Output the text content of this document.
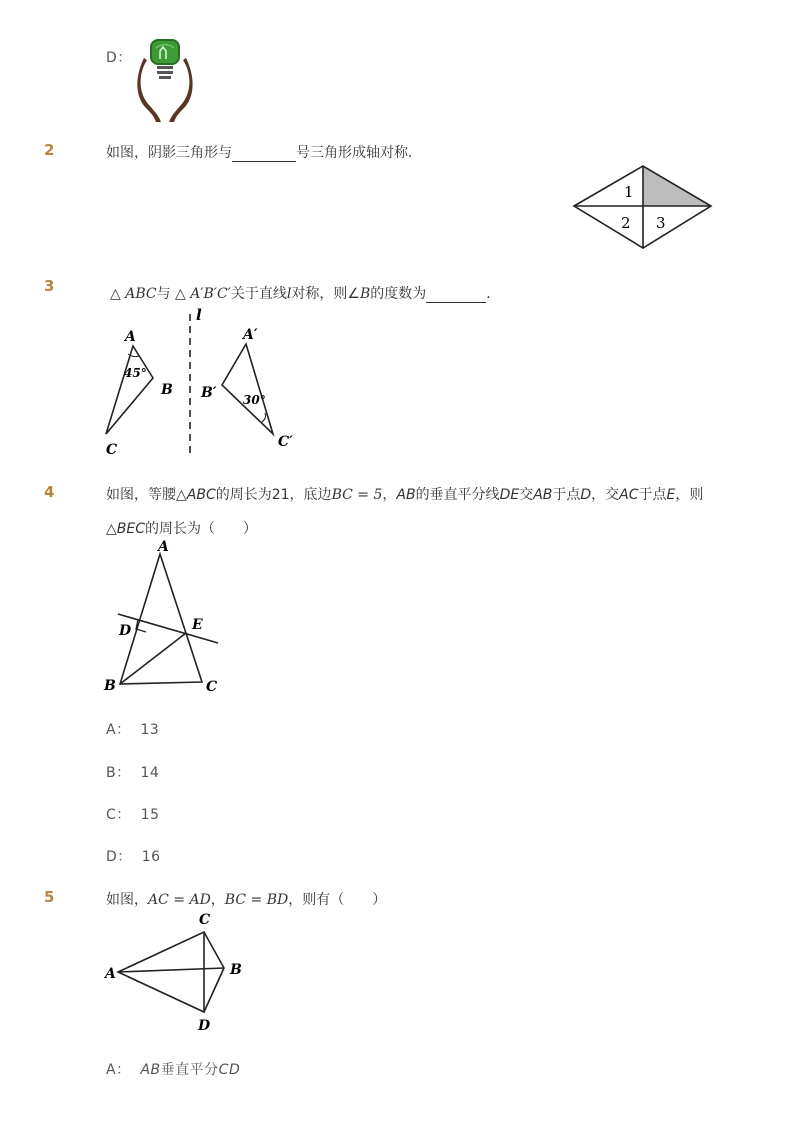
D：
2	如图，阴影三角形与	号三角形成轴对称．
1
2 3
3	△ ABC与 △ A′B′C′关于直线l对称，则∠B的度数为	．
l
A
B
C
45°
A′
B′
C′
30°
4	如图，等腰△ABC的周长为21，底边BC = 5，AB的垂直平分线DE交AB于点D，交AC于点E，则
△BEC的周长为（　　）
A
D	E
B	C
A： 13
B： 14
C： 15
D： 16
5	如图，AC = AD，BC = BD，则有（　　）
C
A	B
D
A： AB垂直平分CD
